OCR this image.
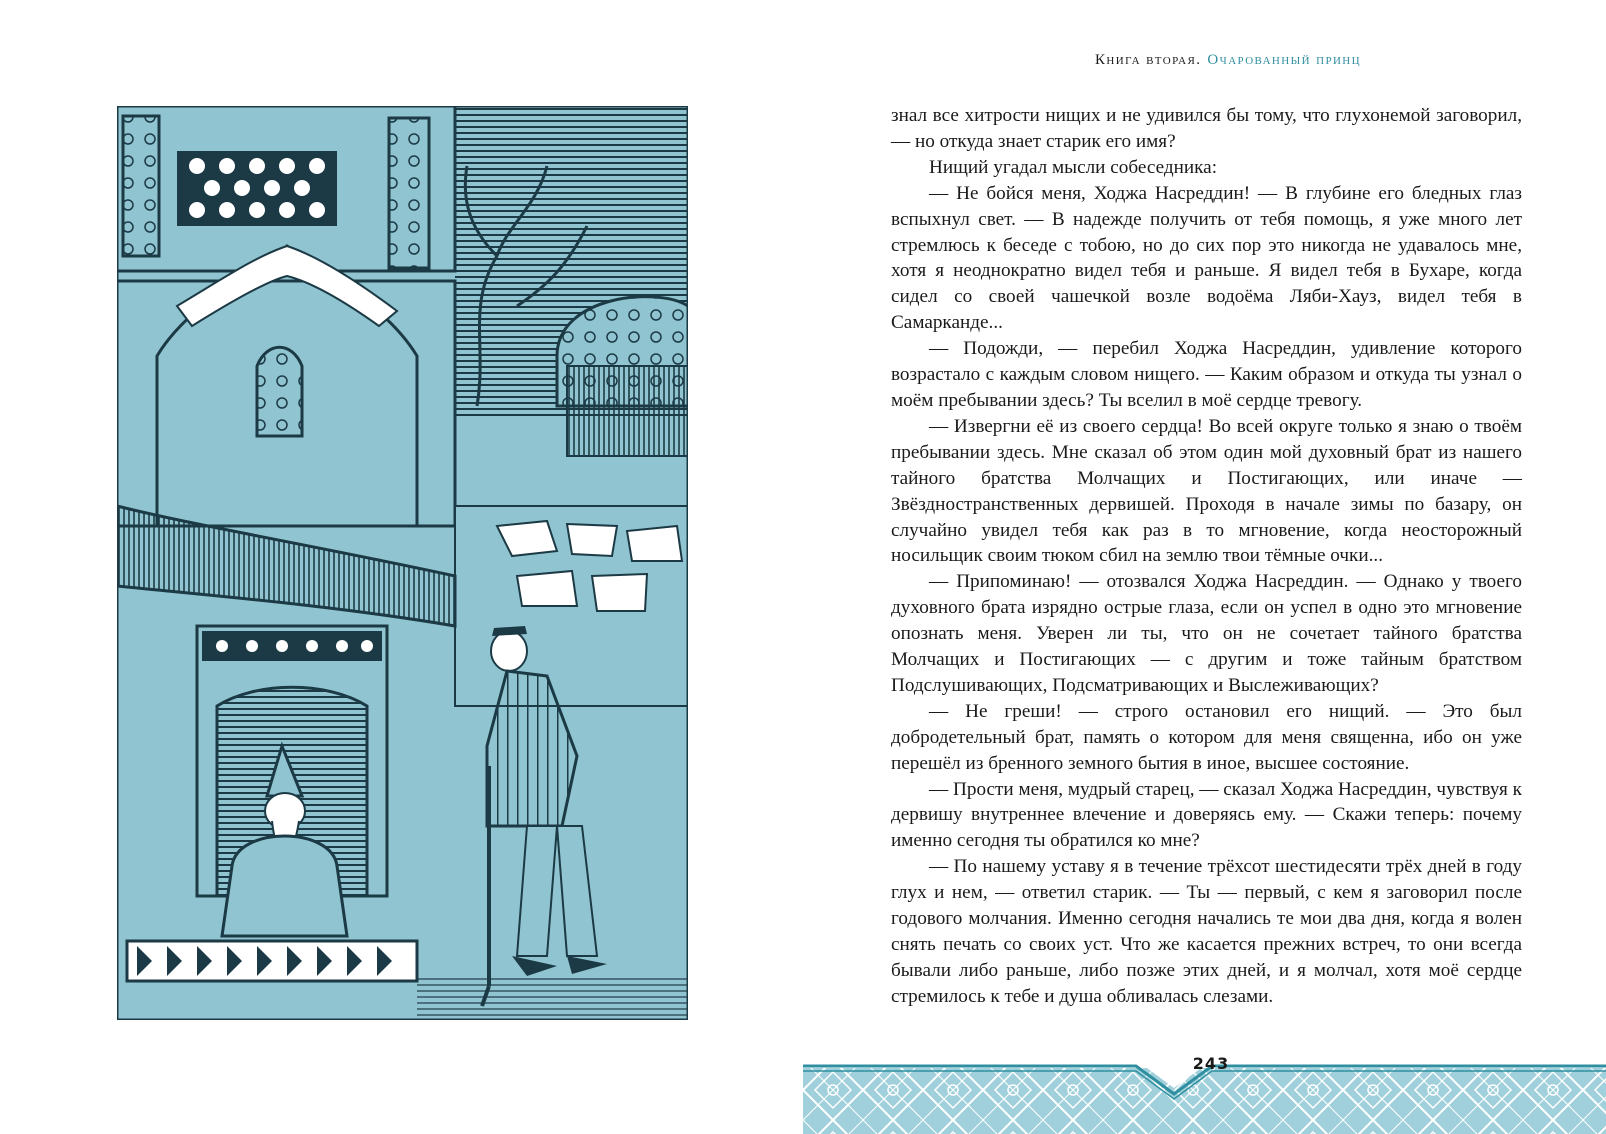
Книга вторая. Очарованный принц

знал все хитрости нищих и не удивился бы тому, что глухонемой заговорил, — но откуда знает старик его имя?

Нищий угадал мысли собеседника:

— Не бойся меня, Ходжа Насреддин! — В глубине его бледных глаз вспыхнул свет. — В надежде получить от тебя помощь, я уже много лет стремлюсь к беседе с тобою, но до сих пор это никогда не удавалось мне, хотя я неоднократно видел тебя и раньше. Я видел тебя в Бухаре, когда сидел со своей чашечкой возле водоёма Ляби-Хауз, видел тебя в Самарканде...

— Подожди, — перебил Ходжа Насреддин, удивление которого возрастало с каждым словом нищего. — Каким образом и откуда ты узнал о моём пребывании здесь? Ты вселил в моё сердце тревогу.

— Извергни её из своего сердца! Во всей округе только я знаю о твоём пребывании здесь. Мне сказал об этом один мой духовный брат из нашего тайного братства Молчащих и Постигающих, или иначе — Звёздностранственных дервишей. Проходя в начале зимы по базару, он случайно увидел тебя как раз в то мгновение, когда неосторожный носильщик своим тюком сбил на землю твои тёмные очки...

— Припоминаю! — отозвался Ходжа Насреддин. — Однако у твоего духовного брата изрядно острые глаза, если он успел в одно это мгновение опознать меня. Уверен ли ты, что он не сочетает тайного братства Молчащих и Постигающих — с другим и тоже тайным братством Подслушивающих, Подсматривающих и Выслеживающих?

— Не греши! — строго остановил его нищий. — Это был добродетельный брат, память о котором для меня священна, ибо он уже перешёл из бренного земного бытия в иное, высшее состояние.

— Прости меня, мудрый старец, — сказал Ходжа Насреддин, чувствуя к дервишу внутреннее влечение и доверяясь ему. — Скажи теперь: почему именно сегодня ты обратился ко мне?

— По нашему уставу я в течение трёхсот шестидесяти трёх дней в году глух и нем, — ответил старик. — Ты — первый, с кем я заговорил после годового молчания. Именно сегодня начались те мои два дня, когда я волен снять печать со своих уст. Что же касается прежних встреч, то они всегда бывали либо раньше, либо позже этих дней, и я молчал, хотя моё сердце стремилось к тебе и душа обливалась слезами.

243
